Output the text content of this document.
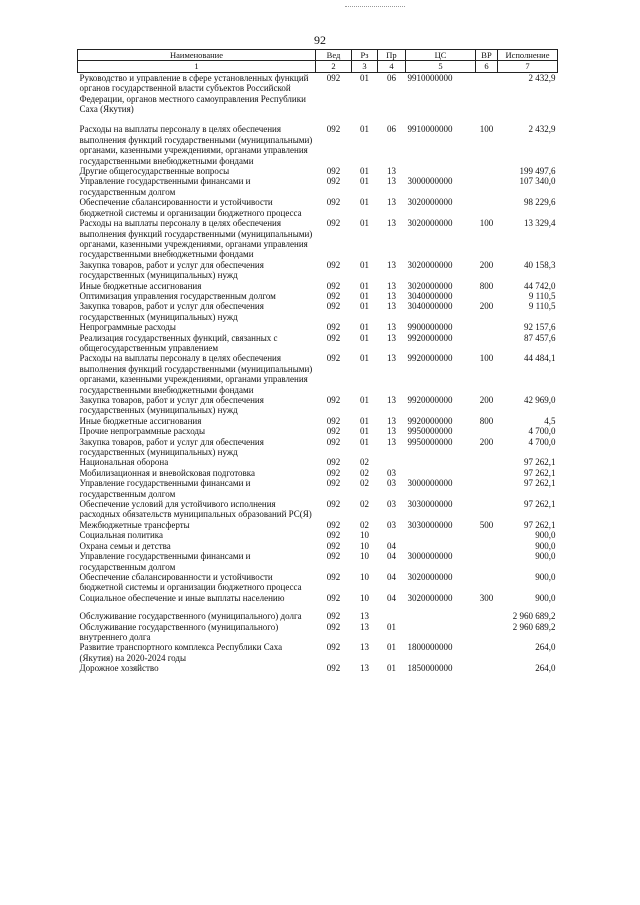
92
Наименование	Вед	Рз	Пр	ЦС	ВР	Исполнение
1	2	3	4	5	6	7
Руководство и управление в сфере установленных функций органов государственной власти субъектов Российской Федерации, органов местного самоуправления Республики Саха (Якутия)	092	01	06	9910000000		2 432,9
Расходы на выплаты персоналу в целях обеспечения выполнения функций государственными (муниципальными) органами, казенными учреждениями, органами управления государственными внебюджетными фондами	092	01	06	9910000000	100	2 432,9
Другие общегосударственные вопросы	092	01	13			199 497,6
Управление государственными финансами и государственным долгом	092	01	13	3000000000		107 340,0
Обеспечение сбалансированности и устойчивости бюджетной системы и организации бюджетного процесса	092	01	13	3020000000		98 229,6
Расходы на выплаты персоналу в целях обеспечения выполнения функций государственными (муниципальными) органами, казенными учреждениями, органами управления государственными внебюджетными фондами	092	01	13	3020000000	100	13 329,4
Закупка товаров, работ и услуг для обеспечения государственных (муниципальных) нужд	092	01	13	3020000000	200	40 158,3
Иные бюджетные ассигнования	092	01	13	3020000000	800	44 742,0
Оптимизация управления государственным долгом	092	01	13	3040000000		9 110,5
Закупка товаров, работ и услуг для обеспечения государственных (муниципальных) нужд	092	01	13	3040000000	200	9 110,5
Непрограммные расходы	092	01	13	9900000000		92 157,6
Реализация государственных функций, связанных с общегосударственным управлением	092	01	13	9920000000		87 457,6
Расходы на выплаты персоналу в целях обеспечения выполнения функций государственными (муниципальными) органами, казенными учреждениями, органами управления государственными внебюджетными фондами	092	01	13	9920000000	100	44 484,1
Закупка товаров, работ и услуг для обеспечения государственных (муниципальных) нужд	092	01	13	9920000000	200	42 969,0
Иные бюджетные ассигнования	092	01	13	9920000000	800	4,5
Прочие непрограммные расходы	092	01	13	9950000000		4 700,0
Закупка товаров, работ и услуг для обеспечения государственных (муниципальных) нужд	092	01	13	9950000000	200	4 700,0
Национальная оборона	092	02				97 262,1
Мобилизационная и вневойсковая подготовка	092	02	03			97 262,1
Управление государственными финансами и государственным долгом	092	02	03	3000000000		97 262,1
Обеспечение условий для устойчивого исполнения расходных обязательств муниципальных образований РС(Я)	092	02	03	3030000000		97 262,1
Межбюджетные трансферты	092	02	03	3030000000	500	97 262,1
Социальная политика	092	10				900,0
Охрана семьи и детства	092	10	04			900,0
Управление государственными финансами и государственным долгом	092	10	04	3000000000		900,0
Обеспечение сбалансированности и устойчивости бюджетной системы и организации бюджетного процесса	092	10	04	3020000000		900,0
Социальное обеспечение и иные выплаты населению	092	10	04	3020000000	300	900,0
Обслуживание государственного (муниципального) долга	092	13				2 960 689,2
Обслуживание государственного (муниципального) внутреннего долга	092	13	01			2 960 689,2
Развитие транспортного комплекса Республики Саха (Якутия) на 2020-2024 годы	092	13	01	1800000000		264,0
Дорожное хозяйство	092	13	01	1850000000		264,0
